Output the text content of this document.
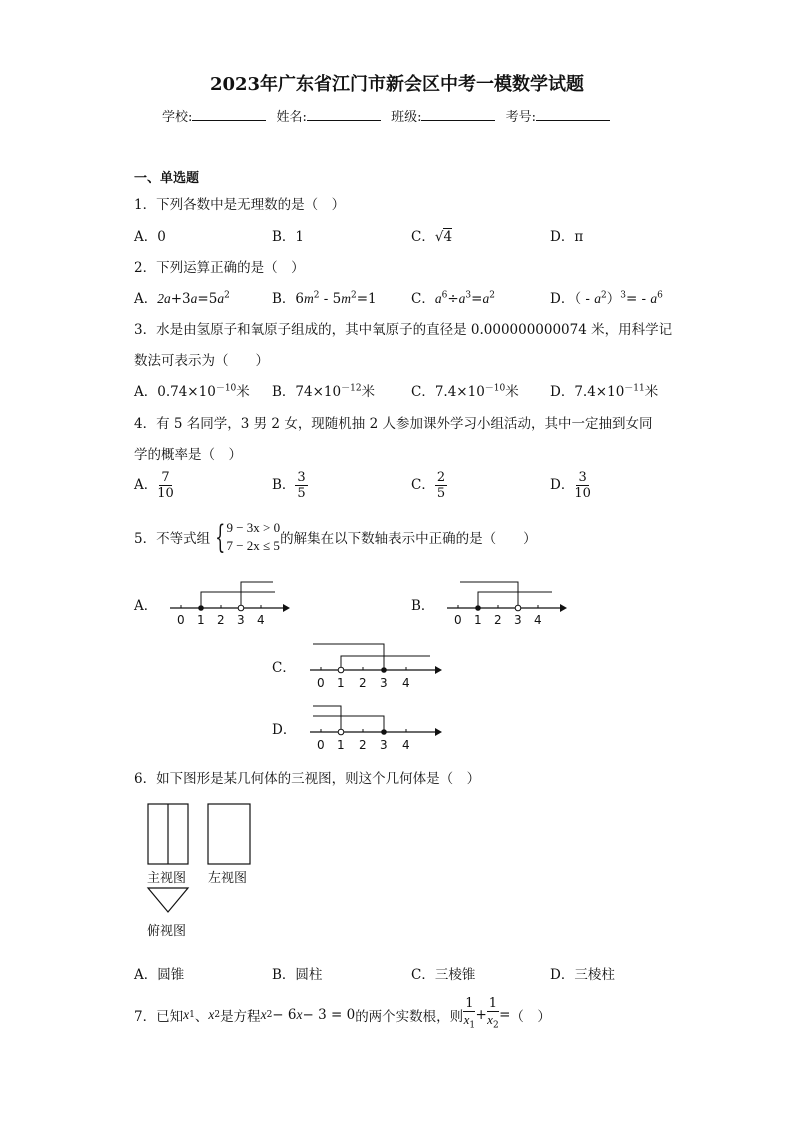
2023年广东省江门市新会区中考一模数学试题
学校:	姓名:	班级:	考号:
一、单选题
1．下列各数中是无理数的是（　）
A．0	B．1	C．√4	D．π
2．下列运算正确的是（　）
A．$2a+3a=5a^2$	B．$6m^2 - 5m^2=1$	C．$a^6\div a^3=a^2$	D．（ - $a^2)^3= - a^6$
3．水是由氢原子和氧原子组成的，其中氧原子的直径是 0.000000000074 米，用科学记
数法可表示为（　　）
A．$0.74\times 10^{-10}$米 B．$74\times 10^{-12}$米	C．$7.4\times 10^{-10}$米 D．$7.4\times 10^{-11}$米
4．有 5 名同学，3 男 2 女，现随机抽 2 人参加课外学习小组活动，其中一定抽到女同
学的概率是（　）
A． $\frac{7}{10}$	B． $\frac{3}{5}$	C． $\frac{2}{5}$	D． $\frac{3}{10}$
5．不等式组 { 9 − 3x > 0
7 − 2x ≤ 5 的解集在以下数轴表示中正确的是（　　）
A．
0 1 2 3 4
B．
0 1 2 3 4
C．
0 1 2 3 4
D．
0 1 2 3 4
6．如下图形是某几何体的三视图，则这个几何体是（　）
主视图 左视图
俯视图
A．圆锥	B．圆柱	C．三棱锥	D．三棱柱
7．已知 x 1 、 x 2 是方程 x 2 − 6 x − 3 = 0 的两个实数根，则 $\frac{1}{x_1} + \frac{1}{x_2}$ = （　）
